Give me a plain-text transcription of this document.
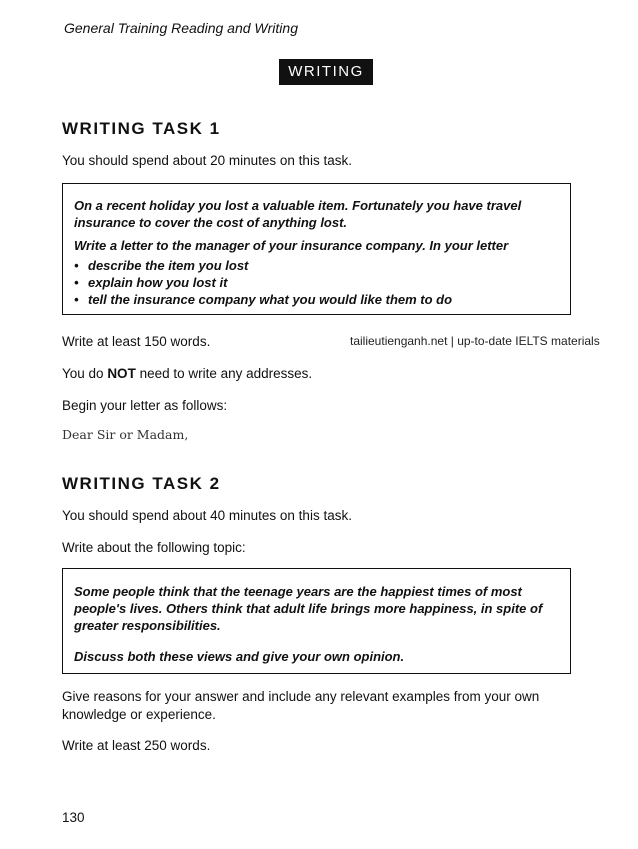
General Training Reading and Writing
WRITING
WRITING TASK 1
You should spend about 20 minutes on this task.
On a recent holiday you lost a valuable item. Fortunately you have travel insurance to cover the cost of anything lost.
Write a letter to the manager of your insurance company. In your letter
• describe the item you lost
• explain how you lost it
• tell the insurance company what you would like them to do
Write at least 150 words.	tailieutienganh.net | up-to-date IELTS materials
You do NOT need to write any addresses.
Begin your letter as follows:
Dear Sir or Madam,
WRITING TASK 2
You should spend about 40 minutes on this task.
Write about the following topic:
Some people think that the teenage years are the happiest times of most people's lives. Others think that adult life brings more happiness, in spite of greater responsibilities.
Discuss both these views and give your own opinion.
Give reasons for your answer and include any relevant examples from your own knowledge or experience.
Write at least 250 words.
130
